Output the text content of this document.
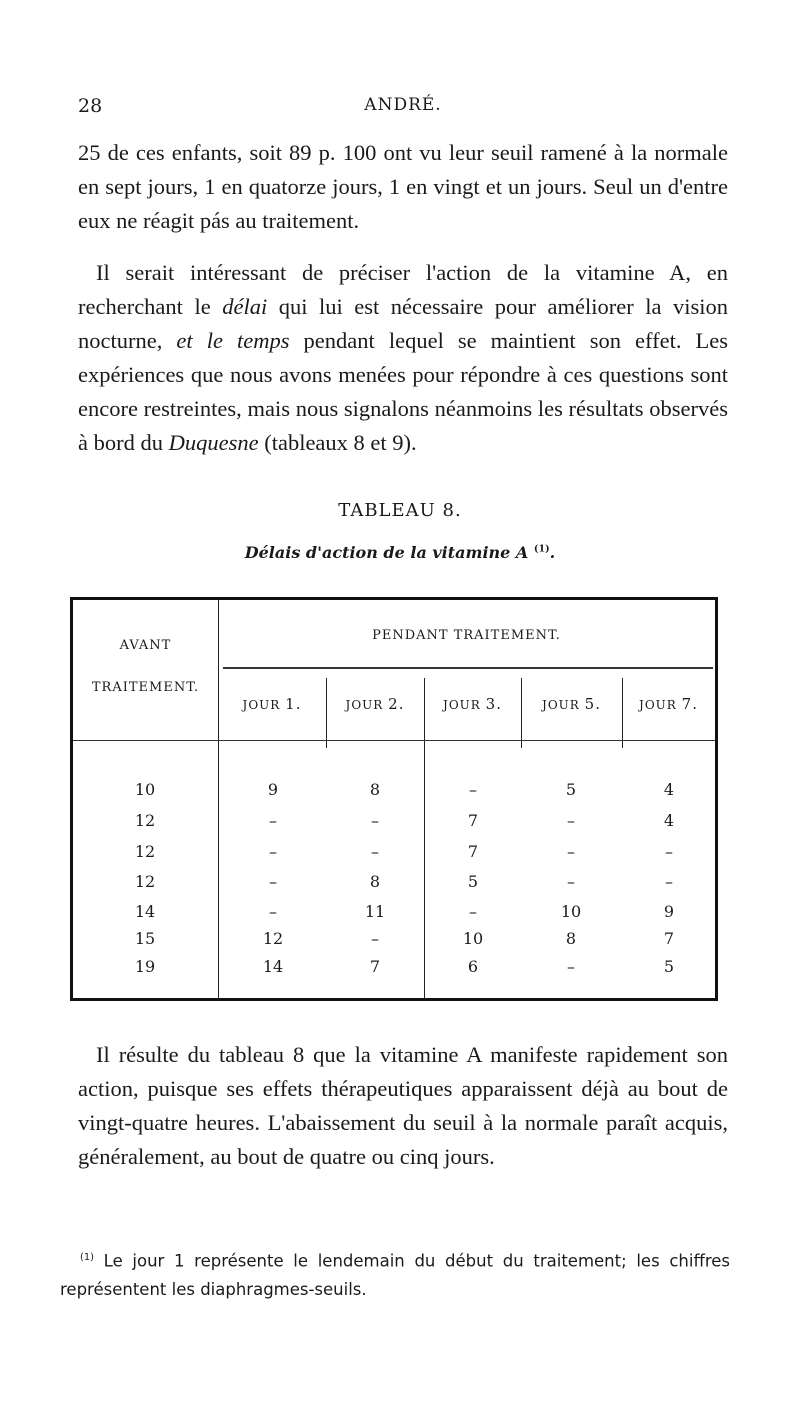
28	ANDRÉ.

25 de ces enfants, soit 89 p. 100 ont vu leur seuil ramené à la normale en sept jours, 1 en quatorze jours, 1 en vingt et un jours. Seul un d'entre eux ne réagit pás au traitement.

Il serait intéressant de préciser l'action de la vitamine A, en recherchant le délai qui lui est nécessaire pour améliorer la vision nocturne, et le temps pendant lequel se maintient son effet. Les expériences que nous avons menées pour répondre à ces questions sont encore restreintes, mais nous signalons néanmoins les résultats observés à bord du Duquesne (tableaux 8 et 9).

TABLEAU 8.
Délais d'action de la vitamine A $^{(1)}$.
AVANT
TRAITEMENT.
PENDANT TRAITEMENT.
JOUR 1.	JOUR 2.	JOUR 3.	JOUR 5.	JOUR 7.
10	9	8	–	5	4
12	–	–	7	–	4
12	–	–	7	–	–
12	–	8	5	–	–
14	–	11	–	10	9
15	12	–	10	8	7
19	14	7	6	–	5

Il résulte du tableau 8 que la vitamine A manifeste rapidement son action, puisque ses effets thérapeutiques apparaissent déjà au bout de vingt-quatre heures. L'abaissement du seuil à la normale paraît acquis, généralement, au bout de quatre ou cinq jours.

$^{(1)}$ Le jour 1 représente le lendemain du début du traitement; les chiffres représentent les diaphragmes-seuils.
